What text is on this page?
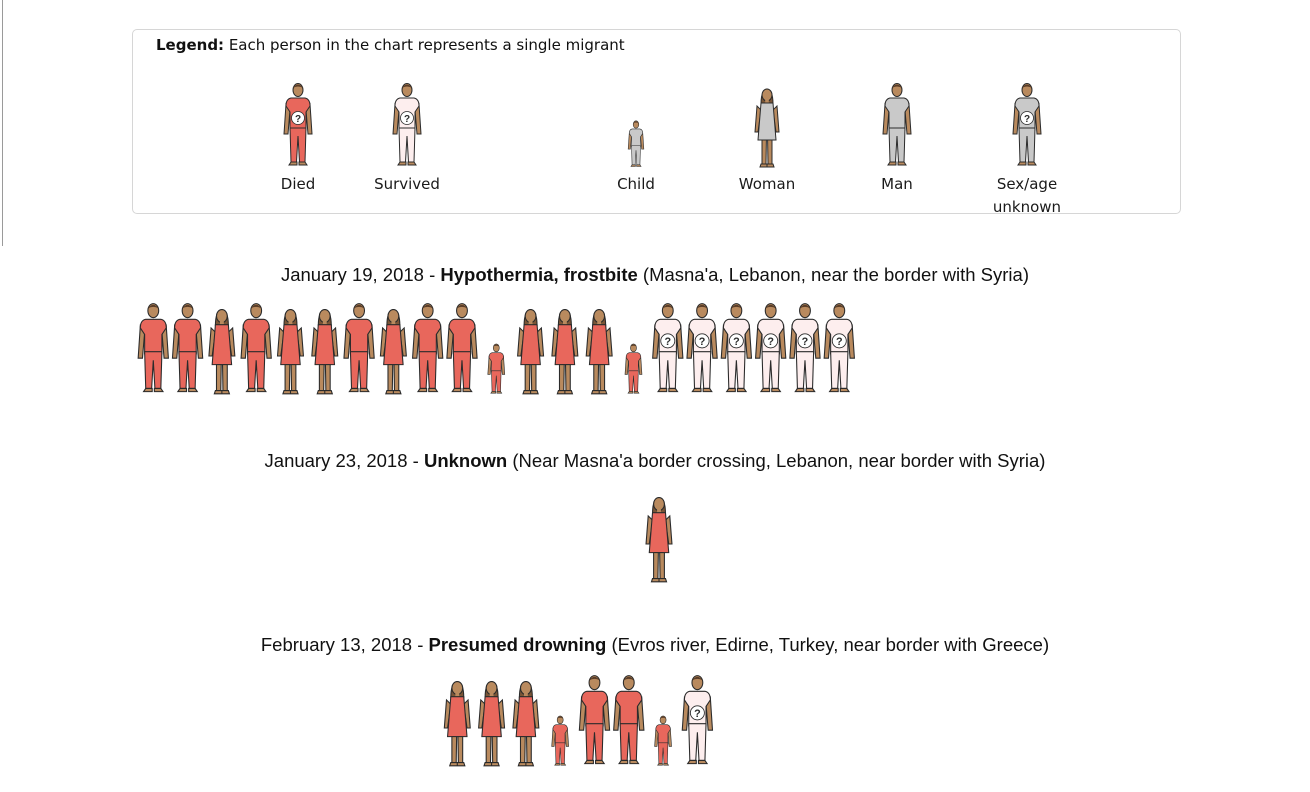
Legend: Each person in the chart represents a single migrant
?
Died
?
Survived	Child	Woman	Man
?
Sex/age unknown
January 19, 2018 - Hypothermia, frostbite (Masna'a, Lebanon, near the border with Syria)
?	?	?	?	?	?
January 23, 2018 - Unknown (Near Masna'a border crossing, Lebanon, near border with Syria)
February 13, 2018 - Presumed drowning (Evros river, Edirne, Turkey, near border with Greece)
?
